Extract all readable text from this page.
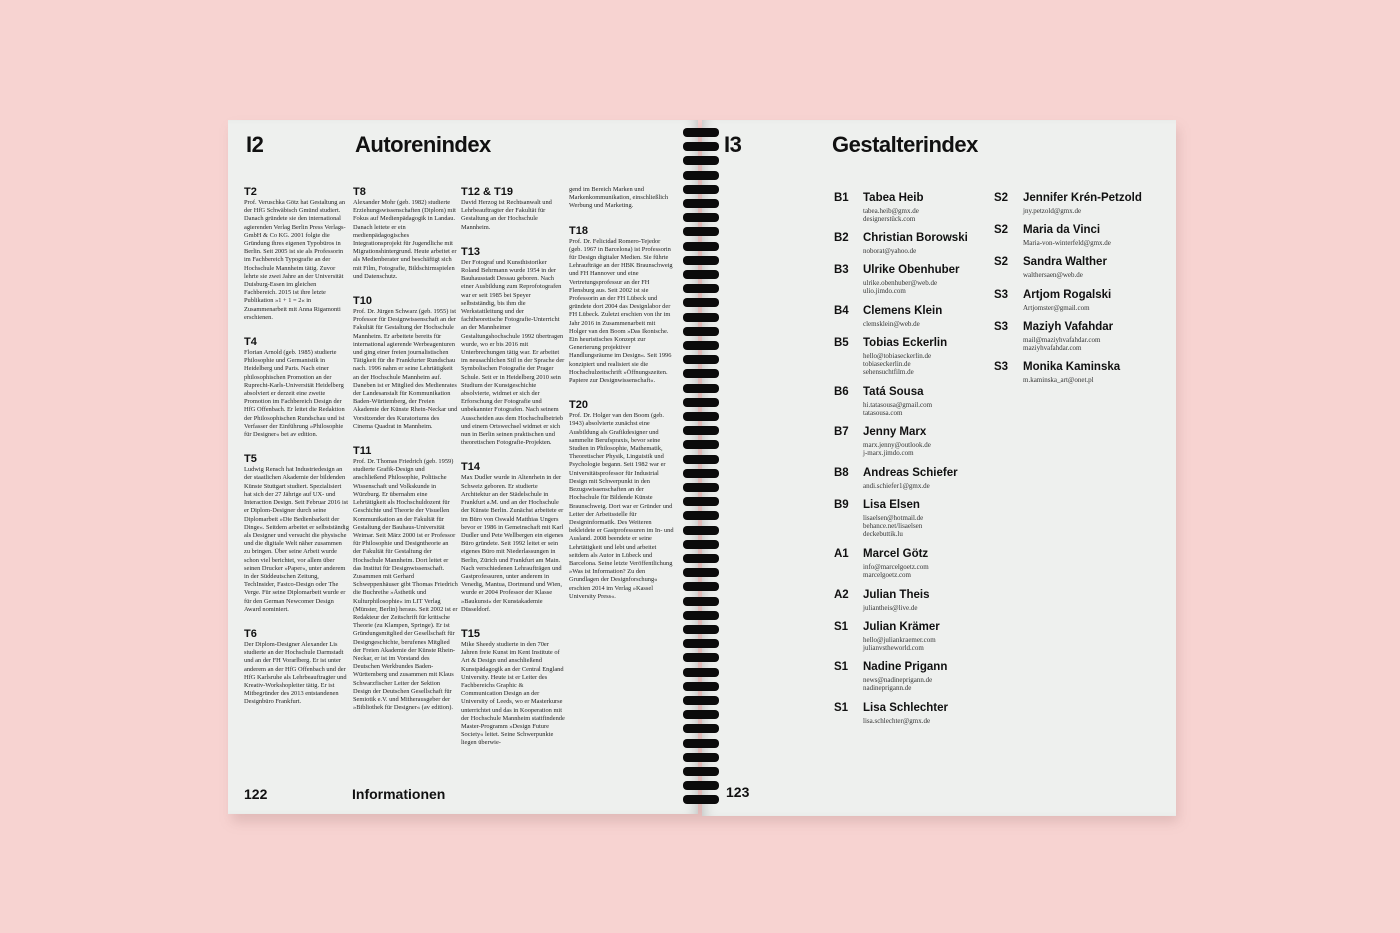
I2	Autorenindex
T2
Prof. Veruschka Götz hat Gestaltung an der HfG Schwäbisch Gmünd studiert. Danach gründete sie den international agierenden Verlag Berlin Press Verlags-GmbH & Co KG. 2001 folgte die Gründung ihres eigenen Typobüros in Berlin. Seit 2005 ist sie als Professorin im Fachbereich Typografie an der Hochschule Mannheim tätig. Zuvor lehrte sie zwei Jahre an der Universität Duisburg-Essen im gleichen Fachbereich. 2015 ist ihre letzte Publikation »1 + 1 = 2« in Zusammenarbeit mit Anna Rigamonti erschienen.
T4
Florian Arnold (geb. 1985) studierte Philosophie und Germanistik in Heidelberg und Paris. Nach einer philosophischen Promotion an der Ruprecht-Karls-Universität Heidelberg absolviert er derzeit eine zweite Promotion im Fachbereich Design der HfG Offenbach. Er leitet die Redaktion der Philosophischen Rundschau und ist Verfasser der Einführung »Philosophie für Designer« bei av edition.
T5
Ludwig Rensch hat Industriedesign an der staatlichen Akademie der bildenden Künste Stuttgart studiert. Spezialisiert hat sich der 27 Jährige auf UX- und Interaction Design. Seit Februar 2016 ist er Diplom-Designer durch seine Diplomarbeit »Die Bedienbarkeit der Dinge«. Seitdem arbeitet er selbstständig als Designer und versucht die physische und die digitale Welt näher zusammen zu bringen. Über seine Arbeit wurde schon viel berichtet, vor allem über seinen Drucker »Paper«, unter anderem in der Süddeutschen Zeitung, TechInsider, Fastco-Design oder The Verge. Für seine Diplomarbeit wurde er für den German Newcomer Design Award nominiert.
T6
Der Diplom-Designer Alexander Lis studierte an der Hochschule Darmstadt und an der FH Vorarlberg. Er ist unter anderem an der HfG Offenbach und der HfG Karlsruhe als Lehrbeauftragter und Kreativ-Workshopleiter tätig. Er ist Mitbegründer des 2013 entstandenen Designbüro Frankfurt.
T8
Alexander Mohr (geb. 1982) studierte Erziehungswissenschaften (Diplom) mit Fokus auf Medienpädagogik in Landau. Danach leitete er ein medienpädagogisches Integrationsprojekt für Jugendliche mit Migrationshintergrund. Heute arbeitet er als Medienberater und beschäftigt sich mit Film, Fotografie, Bildschirmspielen und Datenschutz.
T10
Prof. Dr. Jürgen Schwarz (geb. 1955) ist Professor für Designwissenschaft an der Fakultät für Gestaltung der Hochschule Mannheim. Er arbeitete bereits für international agierende Werbeagenturen und ging einer freien journalistischen Tätigkeit für die Frankfurter Rundschau nach. 1996 nahm er seine Lehrtätigkeit an der Hochschule Mannheim auf. Daneben ist er Mitglied des Medienrates der Landesanstalt für Kommunikation Baden-Württemberg, der Freien Akademie der Künste Rhein-Neckar und Vorsitzender des Kuratoriums des Cinema Quadrat in Mannheim.
T11
Prof. Dr. Thomas Friedrich (geb. 1959) studierte Grafik-Design und anschließend Philosophie, Politische Wissenschaft und Volkskunde in Würzburg. Er übernahm eine Lehrtätigkeit als Hochschuldozent für Geschichte und Theorie der Visuellen Kommunikation an der Fakultät für Gestaltung der Bauhaus-Universität Weimar. Seit März 2000 ist er Professor für Philosophie und Designtheorie an der Fakultät für Gestaltung der Hochschule Mannheim. Dort leitet er das Institut für Designwissenschaft. Zusammen mit Gerhard Schweppenhäuser gibt Thomas Friedrich die Buchreihe »Ästhetik und Kulturphilosophie« im LIT Verlag (Münster, Berlin) heraus. Seit 2002 ist er Redakteur der Zeitschrift für kritische Theorie (zu Klampen, Springe). Er ist Gründungsmitglied der Gesellschaft für Designgeschichte, berufenes Mitglied der Freien Akademie der Künste Rhein-Neckar, er ist im Vorstand des Deutschen Werkbundes Baden-Württemberg und zusammen mit Klaus Schwarzfischer Leiter der Sektion Design der Deutschen Gesellschaft für Semiotik e.V. und Mitherausgeber der »Bibliothek für Designer« (av edition).
T12 & T19
David Herzog ist Rechtsanwalt und Lehrbeauftragter der Fakultät für Gestaltung an der Hochschule Mannheim.
T13
Der Fotograf und Kunsthistoriker Roland Behrmann wurde 1954 in der Bauhausstadt Dessau geboren. Nach einer Ausbildung zum Reprofotografen war er seit 1985 bei Speyer selbstständig, bis ihm die Werkstattleitung und der fachtheoretische Fotografie-Unterricht an der Mannheimer Gestaltungshochschule 1992 übertragen wurde, wo er bis 2016 mit Unterbrechungen tätig war. Er arbeitet im neusachlichen Stil in der Sprache der Symbolischen Fotografie der Prager Schule. Seit er in Heidelberg 2010 sein Studium der Kunstgeschichte absolvierte, widmet er sich der Erforschung der Fotografie und unbekannter Fotografen. Nach seinem Ausscheiden aus dem Hochschulbetrieb und einem Ortswechsel widmet er sich nun in Berlin seinen praktischen und theoretischen Fotografie-Projekten.
T14
Max Dudler wurde in Altenrhein in der Schweiz geboren. Er studierte Architektur an der Städelschule in Frankfurt a.M. und an der Hochschule der Künste Berlin. Zunächst arbeitete er im Büro von Oswald Matthias Ungers bevor er 1986 in Gemeinschaft mit Karl Dudler und Pete Wellbergen ein eigenes Büro gründete. Seit 1992 leitet er sein eigenes Büro mit Niederlassungen in Berlin, Zürich und Frankfurt am Main. Nach verschiedenen Lehraufträgen und Gastprofessuren, unter anderem in Venedig, Mantua, Dortmund und Wien, wurde er 2004 Professor der Klasse »Baukunst« der Kunstakademie Düsseldorf.
T15
Mike Sheedy studierte in den 70er Jahren freie Kunst im Kent Institute of Art & Design und anschließend Kunstpädagogik an der Central England University. Heute ist er Leiter des Fachbereichs Graphic & Communication Design an der University of Leeds, wo er Masterkurse unterrichtet und das in Kooperation mit der Hochschule Mannheim stattfindende Master-Programm »Design Future Society« leitet. Seine Schwerpunkte liegen überwie-
gend im Bereich Marken und Markenkommunikation, einschließlich Werbung und Marketing.
T18
Prof. Dr. Felicidad Romero-Tejedor (geb. 1967 in Barcelona) ist Professorin für Design digitaler Medien. Sie führte Lehraufträge an der HBK Braunschweig und FH Hannover und eine Vertretungsprofessur an der FH Flensburg aus. Seit 2002 ist sie Professorin an der FH Lübeck und gründete dort 2004 das Designlabor der FH Lübeck. Zuletzt erschien von ihr im Jahr 2016 in Zusammenarbeit mit Holger van den Boom »Das Ikonische. Ein heuristisches Konzept zur Generierung projektiver Handlungsräume im Design«. Seit 1996 konzipiert und realisiert sie die Hochschulzeitschrift »Öffnungszeiten. Papiere zur Designwissenschaft«.
T20
Prof. Dr. Holger van den Boom (geb. 1943) absolvierte zunächst eine Ausbildung als Grafikdesigner und sammelte Berufspraxis, bevor seine Studien in Philosophie, Mathematik, Theoretischer Physik, Linguistik und Psychologie begann. Seit 1982 war er Universitätsprofessor für Industrial Design mit Schwerpunkt in den Bezugswissenschaften an der Hochschule für Bildende Künste Braunschweig. Dort war er Gründer und Leiter der Arbeitsstelle für Designinformatik. Des Weiteren bekleidete er Gastprofessuren im In- und Ausland. 2008 beendete er seine Lehrtätigkeit und lebt und arbeitet seitdem als Autor in Lübeck und Barcelona. Seine letzte Veröffentlichung »Was ist Information? Zu den Grundlagen der Designforschung« erschien 2014 im Verlag »Kassel University Press«.
122	Informationen
I3	Gestalterindex
B1 Tabea Heib
tabea.heib@gmx.de
designerstück.com
B2 Christian Borowski
noborat@yahoo.de
B3 Ulrike Obenhuber
ulrike.obenhuber@web.de
ulio.jimdo.com
B4 Clemens Klein
clemsklein@web.de
B5 Tobias Eckerlin
hello@tobiaseckerlin.de
tobiaseckerlin.de
sehensuchtfilm.de
B6 Tatá Sousa
hi.tatasousa@gmail.com
tatasousa.com
B7 Jenny Marx
marx.jenny@outlook.de
j-marx.jimdo.com
B8 Andreas Schiefer
andi.schiefer1@gmx.de
B9 Lisa Elsen
lisaelsen@hotmail.de
behance.net/lisaelsen
deckebuttik.lu
A1 Marcel Götz
info@marcelgoetz.com
marcelgoetz.com
A2 Julian Theis
juliantheis@live.de
S1 Julian Krämer
hello@juliankraemer.com
julianvstheworld.com
S1 Nadine Prigann
news@nadineprigann.de
nadineprigann.de
S1 Lisa Schlechter
lisa.schlechter@gmx.de
S2 Jennifer Krén-Petzold
jny.petzold@gmx.de
S2 Maria da Vinci
Maria-von-winterfeld@gmx.de
S2 Sandra Walther
walthersaen@web.de
S3 Artjom Rogalski
Artjomster@gmail.com
S3 Maziyh Vafahdar
mail@maziyhvafahdar.com
maziyhvafahdar.com
S3 Monika Kaminska
m.kaminska_art@onet.pl
123
